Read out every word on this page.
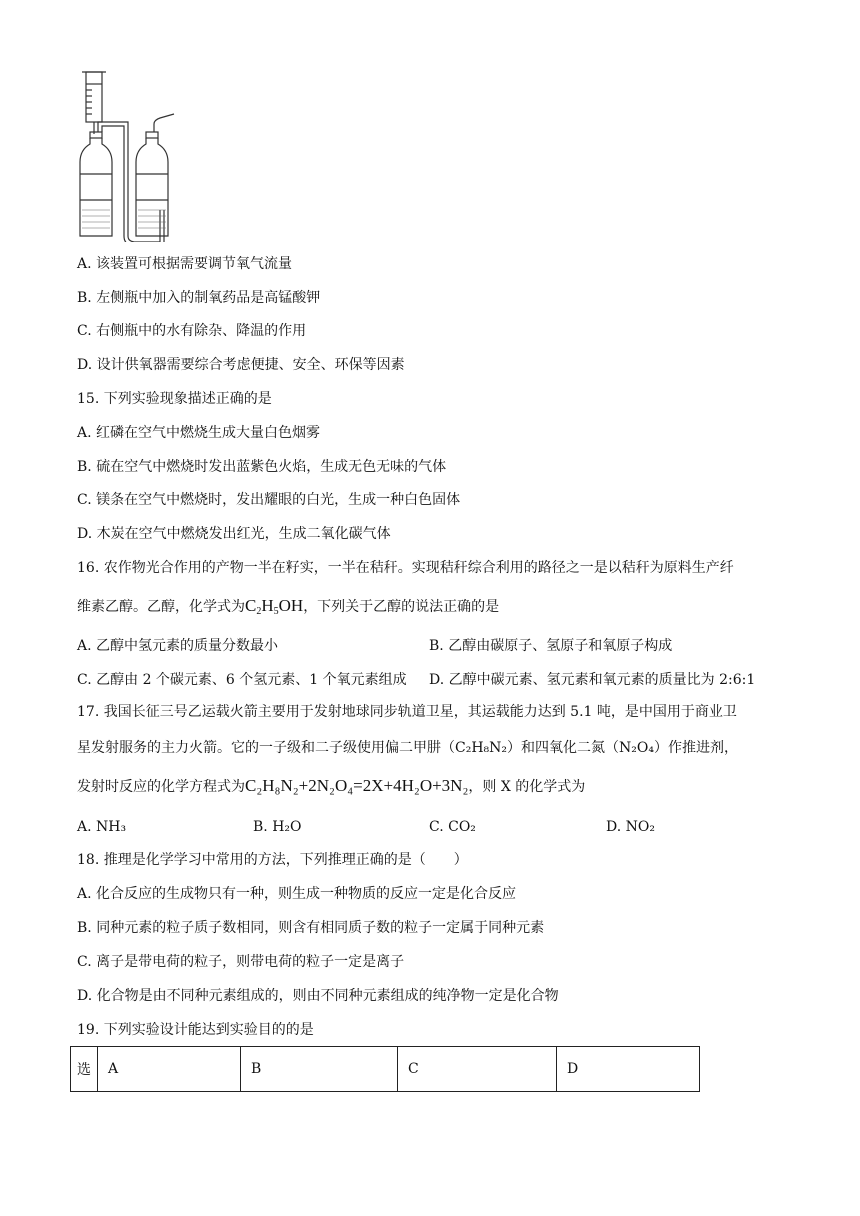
A. 该装置可根据需要调节氧气流量
B. 左侧瓶中加入的制氧药品是高锰酸钾
C. 右侧瓶中的水有除杂、降温的作用
D. 设计供氧器需要综合考虑便捷、安全、环保等因素
15. 下列实验现象描述正确的是
A. 红磷在空气中燃烧生成大量白色烟雾
B. 硫在空气中燃烧时发出蓝紫色火焰，生成无色无味的气体
C. 镁条在空气中燃烧时，发出耀眼的白光，生成一种白色固体
D. 木炭在空气中燃烧发出红光，生成二氧化碳气体
16. 农作物光合作用的产物一半在籽实，一半在秸秆。实现秸秆综合利用的路径之一是以秸秆为原料生产纤
维素乙醇。乙醇，化学式为$C_2H_5OH$，下列关于乙醇的说法正确的是
A. 乙醇中氢元素的质量分数最小	B. 乙醇由碳原子、氢原子和氧原子构成
C. 乙醇由 2 个碳元素、6 个氢元素、1 个氧元素组成 D. 乙醇中碳元素、氢元素和氧元素的质量比为 2:6:1
17. 我国长征三号乙运载火箭主要用于发射地球同步轨道卫星，其运载能力达到 5.1 吨，是中国用于商业卫
星发射服务的主力火箭。它的一子级和二子级使用偏二甲肼（C₂H₈N₂）和四氧化二氮（N₂O₄）作推进剂，
发射时反应的化学方程式为C₂H₈N₂+2N₂O₄=2X+4H₂O+3N₂，则 X 的化学式为
A. NH₃	B. H₂O	C. CO₂	D. NO₂
18. 推理是化学学习中常用的方法，下列推理正确的是（　　）
A. 化合反应的生成物只有一种，则生成一种物质的反应一定是化合反应
B. 同种元素的粒子质子数相同，则含有相同质子数的粒子一定属于同种元素
C. 离子是带电荷的粒子，则带电荷的粒子一定是离子
D. 化合物是由不同种元素组成的，则由不同种元素组成的纯净物一定是化合物
19. 下列实验设计能达到实验目的的是
选	A	B	C	D
